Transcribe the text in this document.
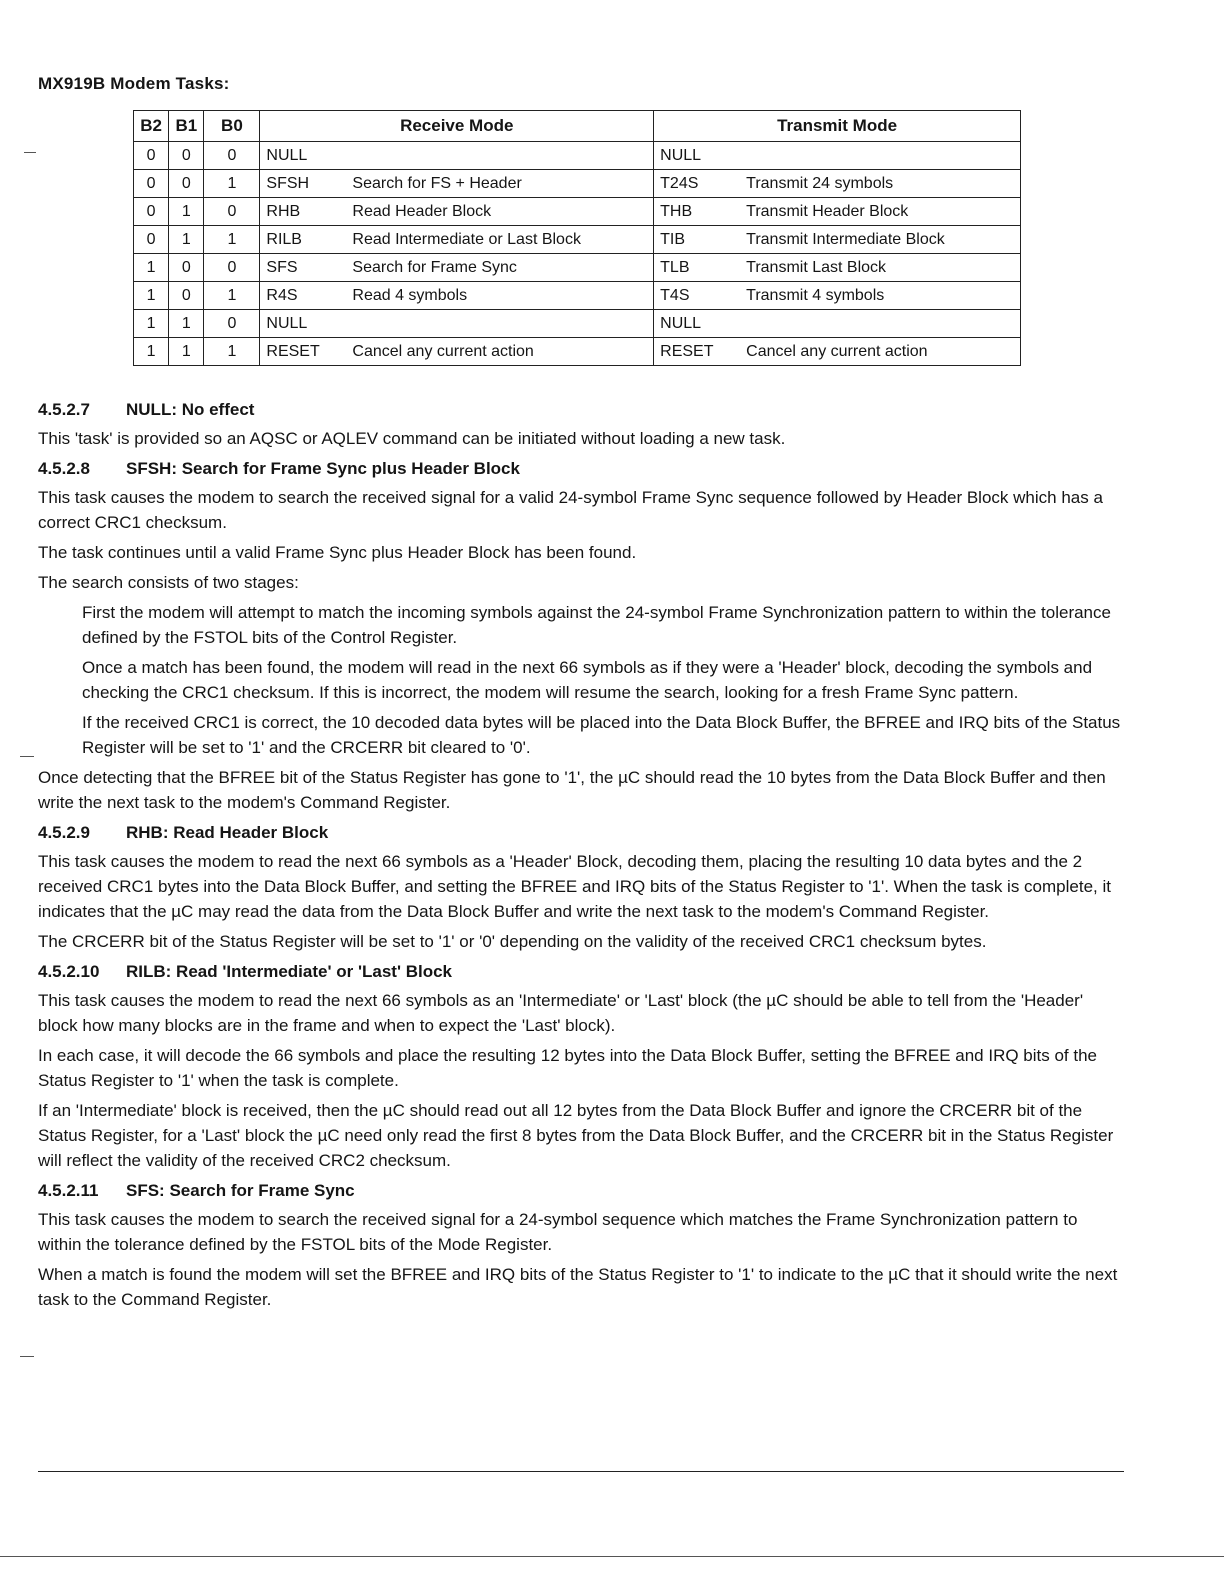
MX919B Modem Tasks:
B2	B1	B0	Receive Mode	Transmit Mode
0	0	0	NULL	NULL
0	0	1	SFSH Search for FS + Header	T24S Transmit 24 symbols
0	1	0	RHB Read Header Block	THB Transmit Header Block
0	1	1	RILB Read Intermediate or Last Block	TIB Transmit Intermediate Block
1	0	0	SFS Search for Frame Sync	TLB Transmit Last Block
1	0	1	R4S Read 4 symbols	T4S Transmit 4 symbols
1	1	0	NULL	NULL
1	1	1	RESET Cancel any current action	RESET Cancel any current action
4.5.2.7 NULL: No effect

This 'task' is provided so an AQSC or AQLEV command can be initiated without loading a new task.

4.5.2.8 SFSH: Search for Frame Sync plus Header Block

This task causes the modem to search the received signal for a valid 24-symbol Frame Sync sequence followed by Header Block which has a correct CRC1 checksum.

The task continues until a valid Frame Sync plus Header Block has been found.

The search consists of two stages:

First the modem will attempt to match the incoming symbols against the 24-symbol Frame Synchronization pattern to within the tolerance defined by the FSTOL bits of the Control Register.

Once a match has been found, the modem will read in the next 66 symbols as if they were a 'Header' block, decoding the symbols and checking the CRC1 checksum. If this is incorrect, the modem will resume the search, looking for a fresh Frame Sync pattern.

If the received CRC1 is correct, the 10 decoded data bytes will be placed into the Data Block Buffer, the BFREE and IRQ bits of the Status Register will be set to '1' and the CRCERR bit cleared to '0'.

Once detecting that the BFREE bit of the Status Register has gone to '1', the µC should read the 10 bytes from the Data Block Buffer and then write the next task to the modem's Command Register.

4.5.2.9 RHB: Read Header Block

This task causes the modem to read the next 66 symbols as a 'Header' Block, decoding them, placing the resulting 10 data bytes and the 2 received CRC1 bytes into the Data Block Buffer, and setting the BFREE and IRQ bits of the Status Register to '1'. When the task is complete, it indicates that the µC may read the data from the Data Block Buffer and write the next task to the modem's Command Register.

The CRCERR bit of the Status Register will be set to '1' or '0' depending on the validity of the received CRC1 checksum bytes.

4.5.2.10 RILB: Read 'Intermediate' or 'Last' Block

This task causes the modem to read the next 66 symbols as an 'Intermediate' or 'Last' block (the µC should be able to tell from the 'Header' block how many blocks are in the frame and when to expect the 'Last' block).

In each case, it will decode the 66 symbols and place the resulting 12 bytes into the Data Block Buffer, setting the BFREE and IRQ bits of the Status Register to '1' when the task is complete.

If an 'Intermediate' block is received, then the µC should read out all 12 bytes from the Data Block Buffer and ignore the CRCERR bit of the Status Register, for a 'Last' block the µC need only read the first 8 bytes from the Data Block Buffer, and the CRCERR bit in the Status Register will reflect the validity of the received CRC2 checksum.

4.5.2.11 SFS: Search for Frame Sync

This task causes the modem to search the received signal for a 24-symbol sequence which matches the Frame Synchronization pattern to within the tolerance defined by the FSTOL bits of the Mode Register.

When a match is found the modem will set the BFREE and IRQ bits of the Status Register to '1' to indicate to the µC that it should write the next task to the Command Register.
